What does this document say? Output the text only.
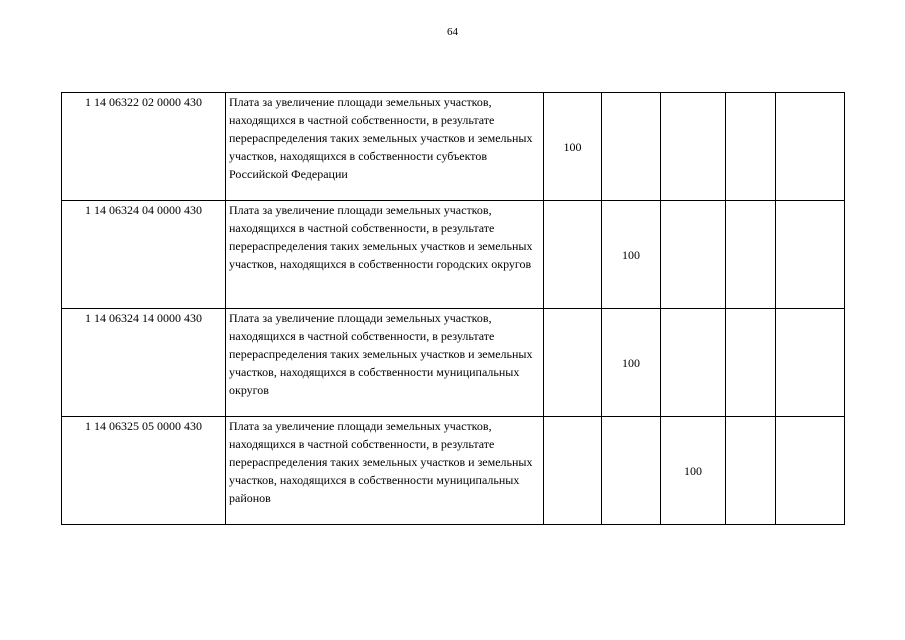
64
1 14 06322 02 0000 430	Плата за увеличение площади земельных участков, находящихся в частной собственности, в результате перераспределения таких земельных участков и земельных участков, находящихся в собственности субъектов Российской Федерации	100				

1 14 06324 04 0000 430	Плата за увеличение площади земельных участков, находящихся в частной собственности, в результате перераспределения таких земельных участков и земельных участков, находящихся в собственности городских округов		100			

1 14 06324 14 0000 430	Плата за увеличение площади земельных участков, находящихся в частной собственности, в результате перераспределения таких земельных участков и земельных участков, находящихся в собственности муниципальных округов		100			

1 14 06325 05 0000 430	Плата за увеличение площади земельных участков, находящихся в частной собственности, в результате перераспределения таких земельных участков и земельных участков, находящихся в собственности муниципальных районов			100		
